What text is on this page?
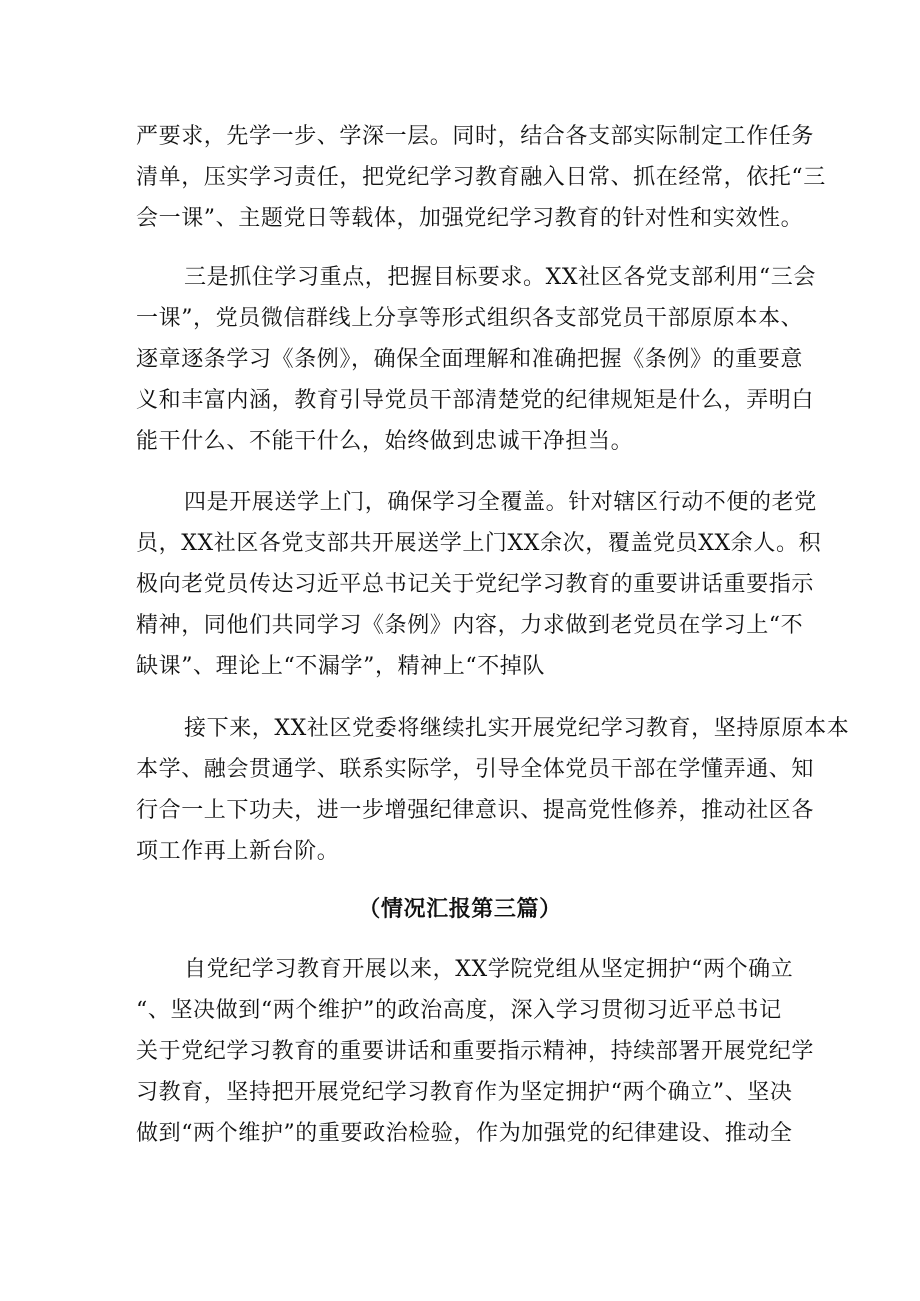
严要求，先学一步、学深一层。同时，结合各支部实际制定工作任务
清单，压实学习责任，把党纪学习教育融入日常、抓在经常，依托“三
会一课”、主题党日等载体，加强党纪学习教育的针对性和实效性。
三是抓住学习重点，把握目标要求。XX社区各党支部利用“三会
一课”，党员微信群线上分享等形式组织各支部党员干部原原本本、
逐章逐条学习《条例》，确保全面理解和准确把握《条例》的重要意
义和丰富内涵，教育引导党员干部清楚党的纪律规矩是什么，弄明白
能干什么、不能干什么，始终做到忠诚干净担当。
四是开展送学上门，确保学习全覆盖。针对辖区行动不便的老党
员，XX社区各党支部共开展送学上门XX余次，覆盖党员XX余人。积
极向老党员传达习近平总书记关于党纪学习教育的重要讲话重要指示
精神，同他们共同学习《条例》内容，力求做到老党员在学习上“不
缺课”、理论上“不漏学”，精神上“不掉队
接下来，XX社区党委将继续扎实开展党纪学习教育，坚持原原本本
本学、融会贯通学、联系实际学，引导全体党员干部在学懂弄通、知
行合一上下功夫，进一步增强纪律意识、提高党性修养，推动社区各
项工作再上新台阶。
（情况汇报第三篇）
自党纪学习教育开展以来，XX学院党组从坚定拥护“两个确立
“、坚决做到“两个维护”的政治高度，深入学习贯彻习近平总书记
关于党纪学习教育的重要讲话和重要指示精神，持续部署开展党纪学
习教育，坚持把开展党纪学习教育作为坚定拥护“两个确立”、坚决
做到“两个维护”的重要政治检验，作为加强党的纪律建设、推动全
